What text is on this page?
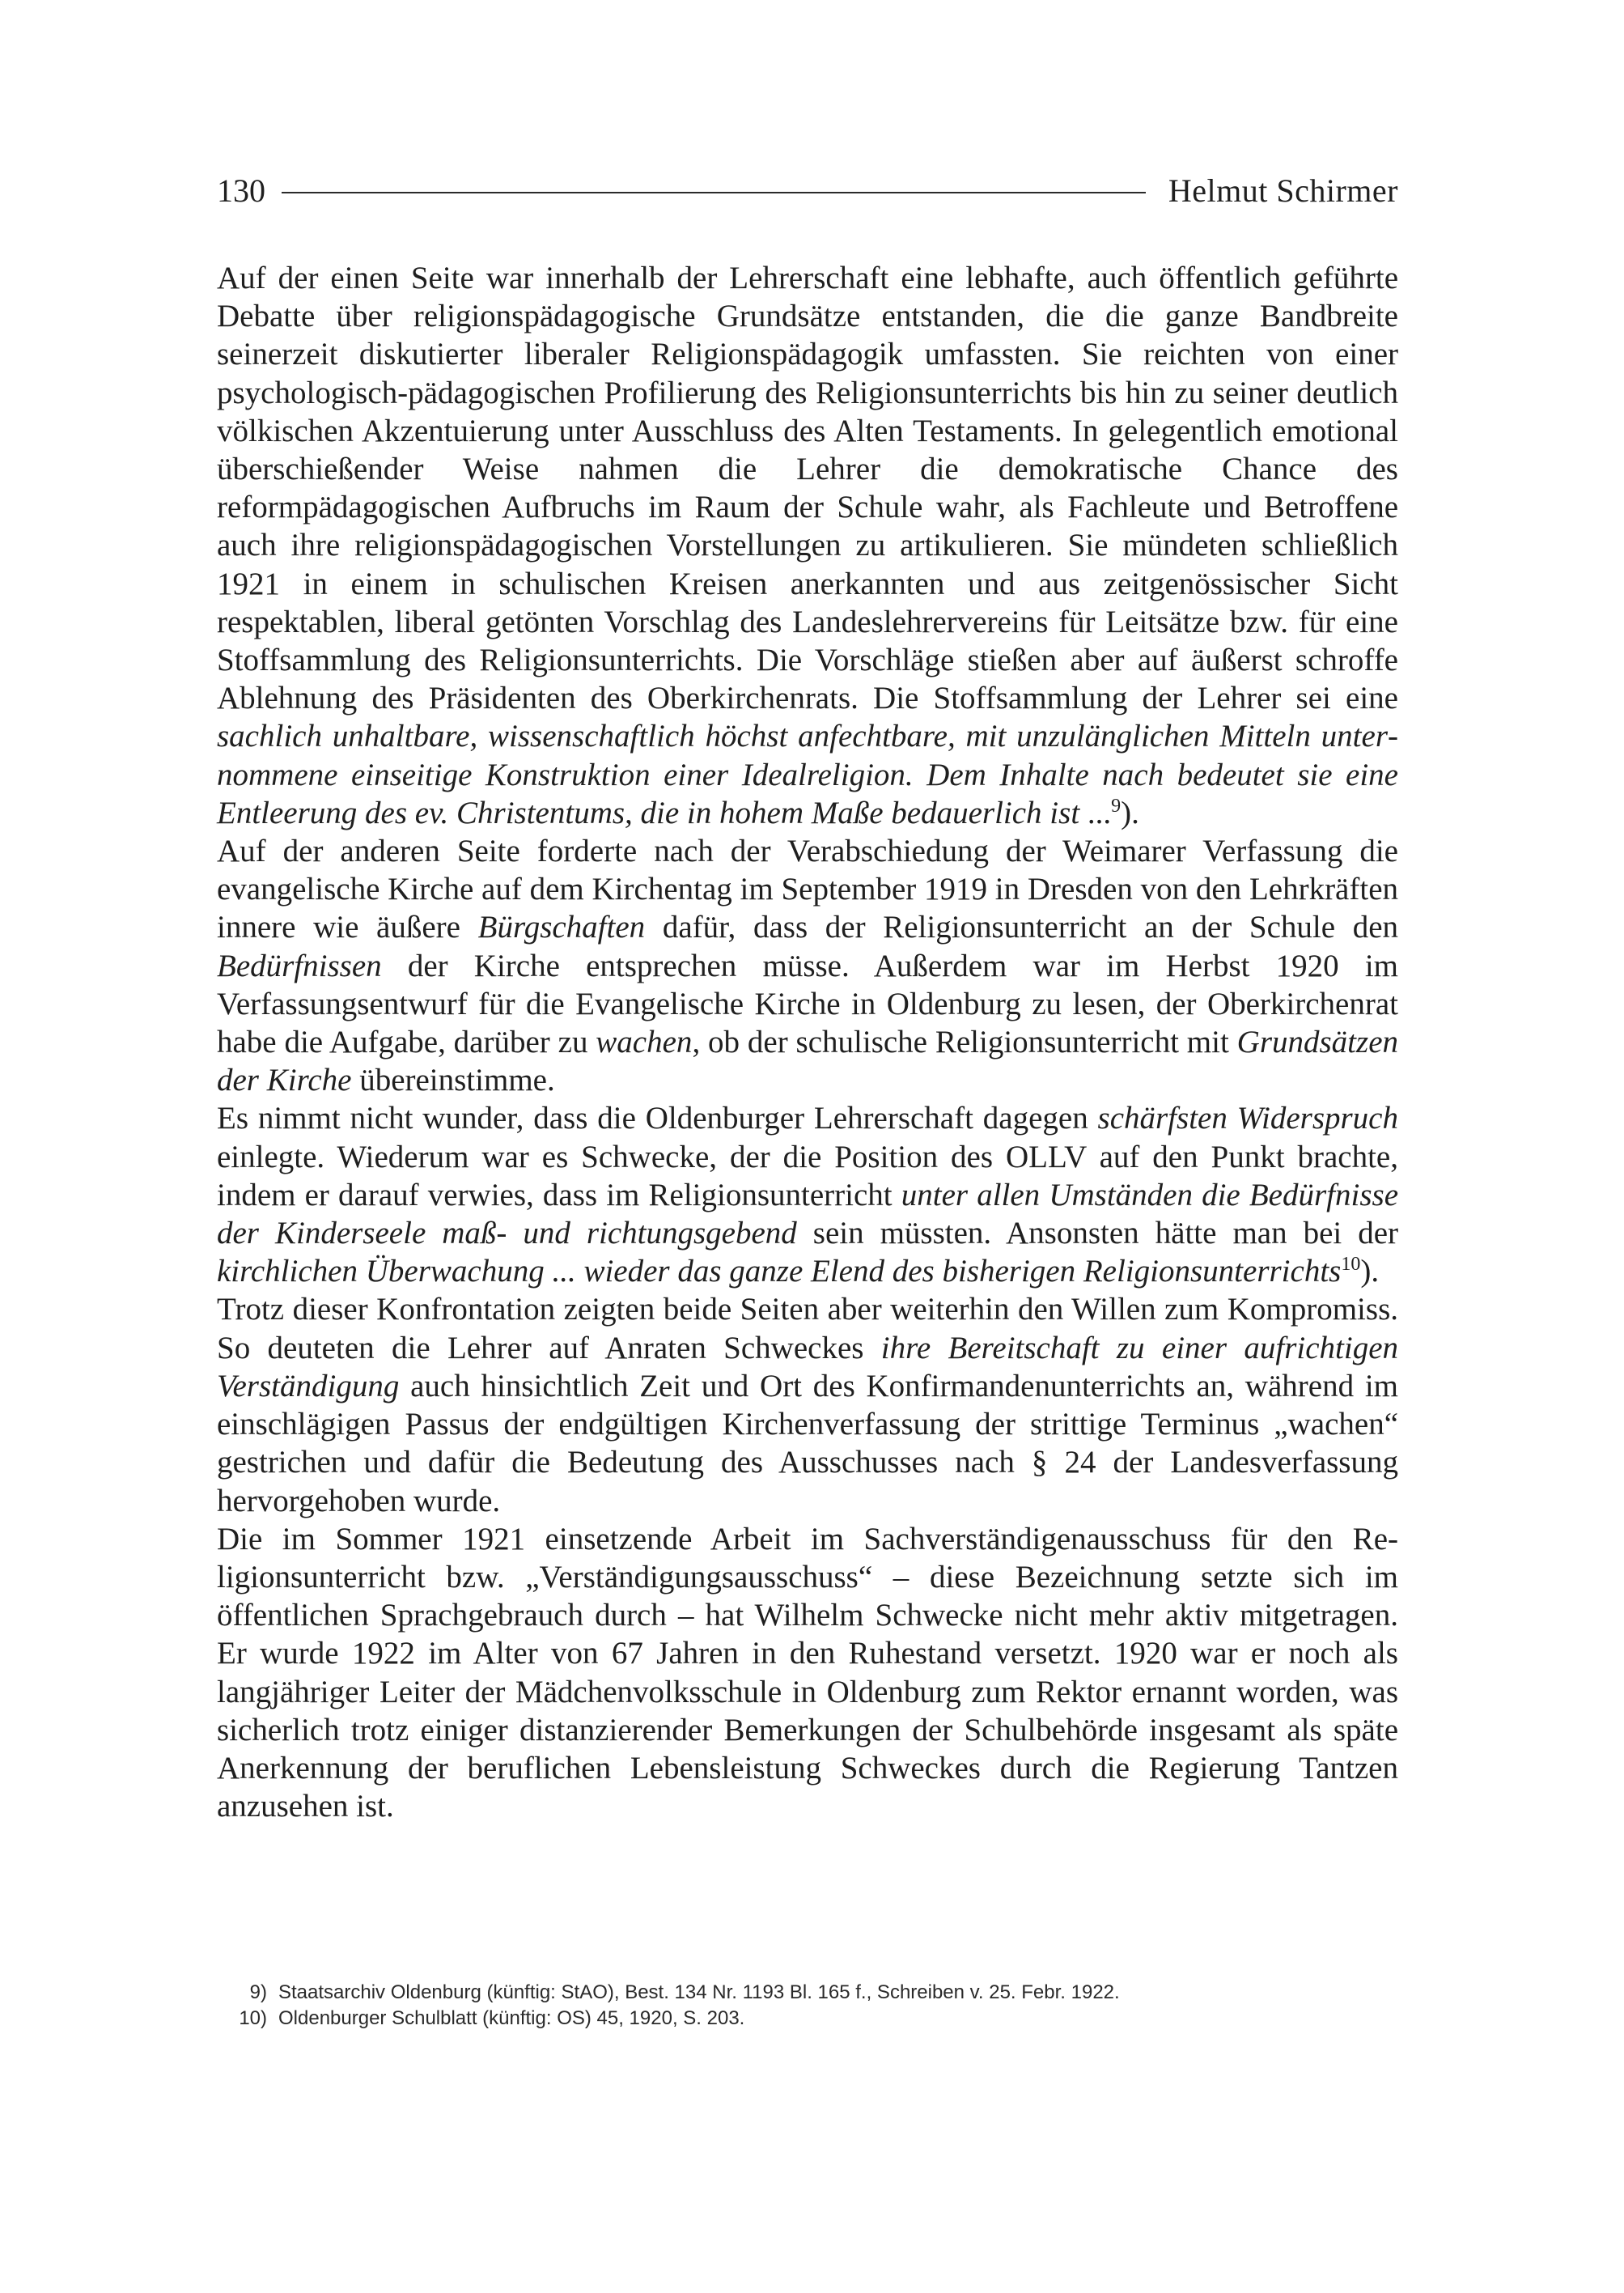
130	Helmut Schirmer

Auf der einen Seite war innerhalb der Lehrerschaft eine lebhafte, auch öffentlich geführte Debatte über religionspädagogische Grundsätze entstanden, die die ganze Bandbreite seinerzeit diskutierter liberaler Religionspädagogik umfassten. Sie reichten von einer psychologisch-pädagogischen Profilierung des Religionsunterrichts bis hin zu seiner deutlich völkischen Akzentuierung unter Ausschluss des Alten Testaments. In gelegentlich emotional überschießender Weise nahmen die Lehrer die demokratische Chance des reformpädagogischen Aufbruchs im Raum der Schule wahr, als Fachleute und Betroffene auch ihre religionspädagogischen Vorstellungen zu artikulieren. Sie mündeten schließlich 1921 in einem in schulischen Kreisen anerkannten und aus zeitgenössischer Sicht respektablen, liberal getönten Vorschlag des Landeslehrervereins für Leitsätze bzw. für eine Stoffsammlung des Religionsunterrichts. Die Vorschläge stießen aber auf äußerst schroffe Ablehnung des Präsidenten des Oberkirchenrats. Die Stoffsammlung der Lehrer sei eine sachlich unhaltbare, wissenschaftlich höchst anfechtbare, mit unzulänglichen Mitteln unternommene einseitige Konstruktion einer Idealreligion. Dem Inhalte nach bedeutet sie eine Entleerung des ev. Christentums, die in hohem Maße bedauerlich ist ...$^9$).

Auf der anderen Seite forderte nach der Verabschiedung der Weimarer Verfassung die evangelische Kirche auf dem Kirchentag im September 1919 in Dresden von den Lehrkräften innere wie äußere Bürgschaften dafür, dass der Religionsunterricht an der Schule den Bedürfnissen der Kirche entsprechen müsse. Außerdem war im Herbst 1920 im Verfassungsentwurf für die Evangelische Kirche in Oldenburg zu lesen, der Oberkirchenrat habe die Aufgabe, darüber zu wachen, ob der schulische Religionsunterricht mit Grundsätzen der Kirche übereinstimme.

Es nimmt nicht wunder, dass die Oldenburger Lehrerschaft dagegen schärfsten Widerspruch einlegte. Wiederum war es Schwecke, der die Position des OLLV auf den Punkt brachte, indem er darauf verwies, dass im Religionsunterricht unter allen Umständen die Bedürfnisse der Kinderseele maß- und richtungsgebend sein müssten. Ansonsten hätte man bei der kirchlichen Überwachung ... wieder das ganze Elend des bisherigen Religionsunterrichts$^{10}$).

Trotz dieser Konfrontation zeigten beide Seiten aber weiterhin den Willen zum Kompromiss. So deuteten die Lehrer auf Anraten Schweckes ihre Bereitschaft zu einer aufrichtigen Verständigung auch hinsichtlich Zeit und Ort des Konfirmandenunterrichts an, während im einschlägigen Passus der endgültigen Kirchenverfassung der strittige Terminus „wachen“ gestrichen und dafür die Bedeutung des Ausschusses nach § 24 der Landesverfassung hervorgehoben wurde.

Die im Sommer 1921 einsetzende Arbeit im Sachverständigenausschuss für den Religionsunterricht bzw. „Verständigungsausschuss“ – diese Bezeichnung setzte sich im öffentlichen Sprachgebrauch durch – hat Wilhelm Schwecke nicht mehr aktiv mitgetragen. Er wurde 1922 im Alter von 67 Jahren in den Ruhestand versetzt. 1920 war er noch als langjähriger Leiter der Mädchenvolksschule in Oldenburg zum Rektor ernannt worden, was sicherlich trotz einiger distanzierender Bemerkungen der Schulbehörde insgesamt als späte Anerkennung der beruflichen Lebensleistung Schweckes durch die Regierung Tantzen anzusehen ist.

9) Staatsarchiv Oldenburg (künftig: StAO), Best. 134 Nr. 1193 Bl. 165 f., Schreiben v. 25. Febr. 1922.
10) Oldenburger Schulblatt (künftig: OS) 45, 1920, S. 203.
